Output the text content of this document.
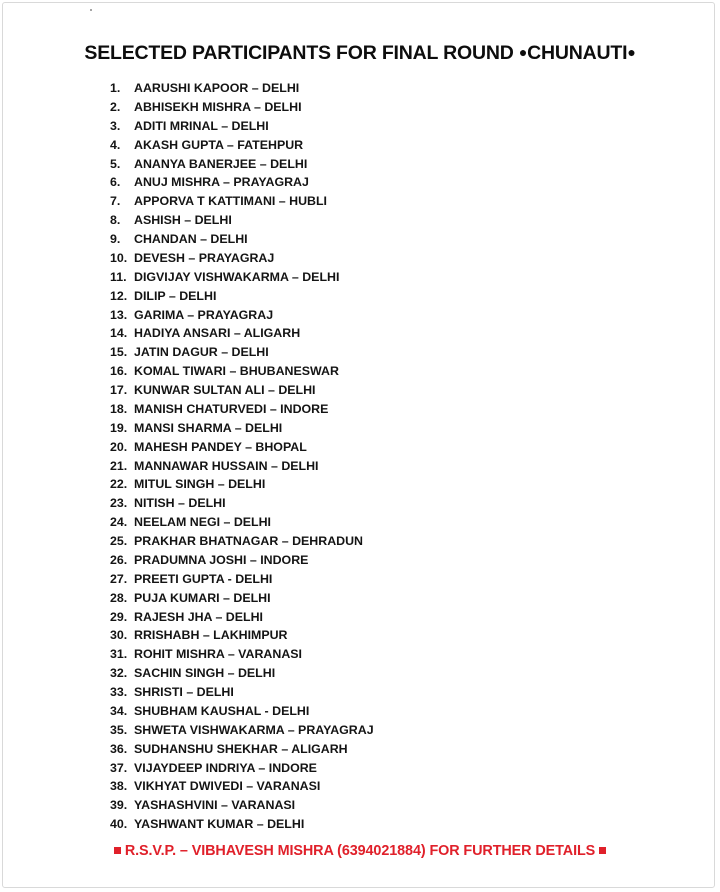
SELECTED PARTICIPANTS FOR FINAL ROUND ●CHUNAUTI●
1. AARUSHI KAPOOR – DELHI
2. ABHISEKH MISHRA – DELHI
3. ADITI MRINAL – DELHI
4. AKASH GUPTA – FATEHPUR
5. ANANYA BANERJEE – DELHI
6. ANUJ MISHRA – PRAYAGRAJ
7. APPORVA T KATTIMANI – HUBLI
8. ASHISH – DELHI
9. CHANDAN – DELHI
10. DEVESH – PRAYAGRAJ
11. DIGVIJAY VISHWAKARMA – DELHI
12. DILIP – DELHI
13. GARIMA – PRAYAGRAJ
14. HADIYA ANSARI – ALIGARH
15. JATIN DAGUR – DELHI
16. KOMAL TIWARI – BHUBANESWAR
17. KUNWAR SULTAN ALI – DELHI
18. MANISH CHATURVEDI – INDORE
19. MANSI SHARMA – DELHI
20. MAHESH PANDEY – BHOPAL
21. MANNAWAR HUSSAIN – DELHI
22. MITUL SINGH – DELHI
23. NITISH – DELHI
24. NEELAM NEGI – DELHI
25. PRAKHAR BHATNAGAR – DEHRADUN
26. PRADUMNA JOSHI – INDORE
27. PREETI GUPTA - DELHI
28. PUJA KUMARI – DELHI
29. RAJESH JHA – DELHI
30. RRISHABH – LAKHIMPUR
31. ROHIT MISHRA – VARANASI
32. SACHIN SINGH – DELHI
33. SHRISTI – DELHI
34. SHUBHAM KAUSHAL - DELHI
35. SHWETA VISHWAKARMA – PRAYAGRAJ
36. SUDHANSHU SHEKHAR – ALIGARH
37. VIJAYDEEP INDRIYA – INDORE
38. VIKHYAT DWIVEDI – VARANASI
39. YASHASHVINI – VARANASI
40. YASHWANT KUMAR – DELHI
R.S.V.P. – VIBHAVESH MISHRA (6394021884) FOR FURTHER DETAILS
